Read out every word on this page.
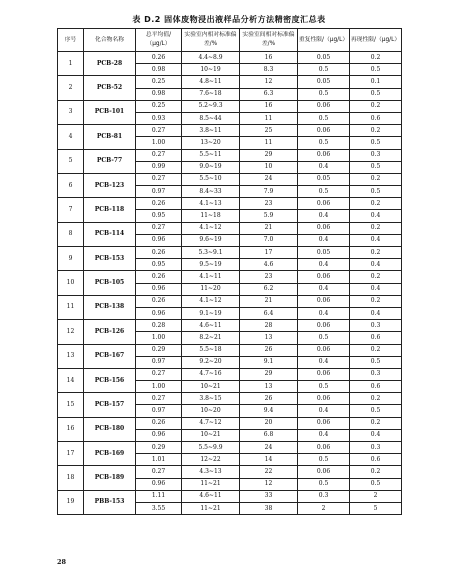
表 D.2 固体废物浸出液样品分析方法精密度汇总表
序号	化合物名称	总平均值/（μg/L）	实验室内相对标准偏差/%	实验室间相对标准偏差/%	重复性限/（μg/L）	再现性限/（μg/L）
1	PCB-28	0.26	4.4~8.9	16	0.05	0.2
		0.98	10~19	8.3	0.5	0.5
2	PCB-52	0.25	4.8~11	12	0.05	0.1
		0.98	7.6~18	6.3	0.5	0.5
3	PCB-101	0.25	5.2~9.3	16	0.06	0.2
		0.93	8.5~44	11	0.5	0.6
4	PCB-81	0.27	3.8~11	25	0.06	0.2
		1.00	13~20	11	0.5	0.5
5	PCB-77	0.27	5.5~11	29	0.06	0.3
		0.99	9.0~19	10	0.4	0.5
6	PCB-123	0.27	5.5~10	24	0.05	0.2
		0.97	8.4~33	7.9	0.5	0.5
7	PCB-118	0.26	4.1~13	23	0.06	0.2
		0.95	11~18	5.9	0.4	0.4
8	PCB-114	0.27	4.1~12	21	0.06	0.2
		0.96	9.6~19	7.0	0.4	0.4
9	PCB-153	0.26	5.3~9.1	17	0.05	0.2
		0.95	9.5~19	4.6	0.4	0.4
10	PCB-105	0.26	4.1~11	23	0.06	0.2
		0.96	11~20	6.2	0.4	0.4
11	PCB-138	0.26	4.1~12	21	0.06	0.2
		0.96	9.1~19	6.4	0.4	0.4
12	PCB-126	0.28	4.6~11	28	0.06	0.3
		1.00	8.2~21	13	0.5	0.6
13	PCB-167	0.29	5.5~18	26	0.06	0.2
		0.97	9.2~20	9.1	0.4	0.5
14	PCB-156	0.27	4.7~16	29	0.06	0.3
		1.00	10~21	13	0.5	0.6
15	PCB-157	0.27	3.8~15	26	0.06	0.2
		0.97	10~20	9.4	0.4	0.5
16	PCB-180	0.26	4.7~12	20	0.06	0.2
		0.96	10~21	6.8	0.4	0.4
17	PCB-169	0.29	5.5~9.9	24	0.06	0.3
		1.01	12~22	14	0.5	0.6
18	PCB-189	0.27	4.3~13	22	0.06	0.2
		0.96	11~21	12	0.5	0.5
19	PBB-153	1.11	4.6~11	33	0.3	2
		3.55	11~21	38	2	5
28
